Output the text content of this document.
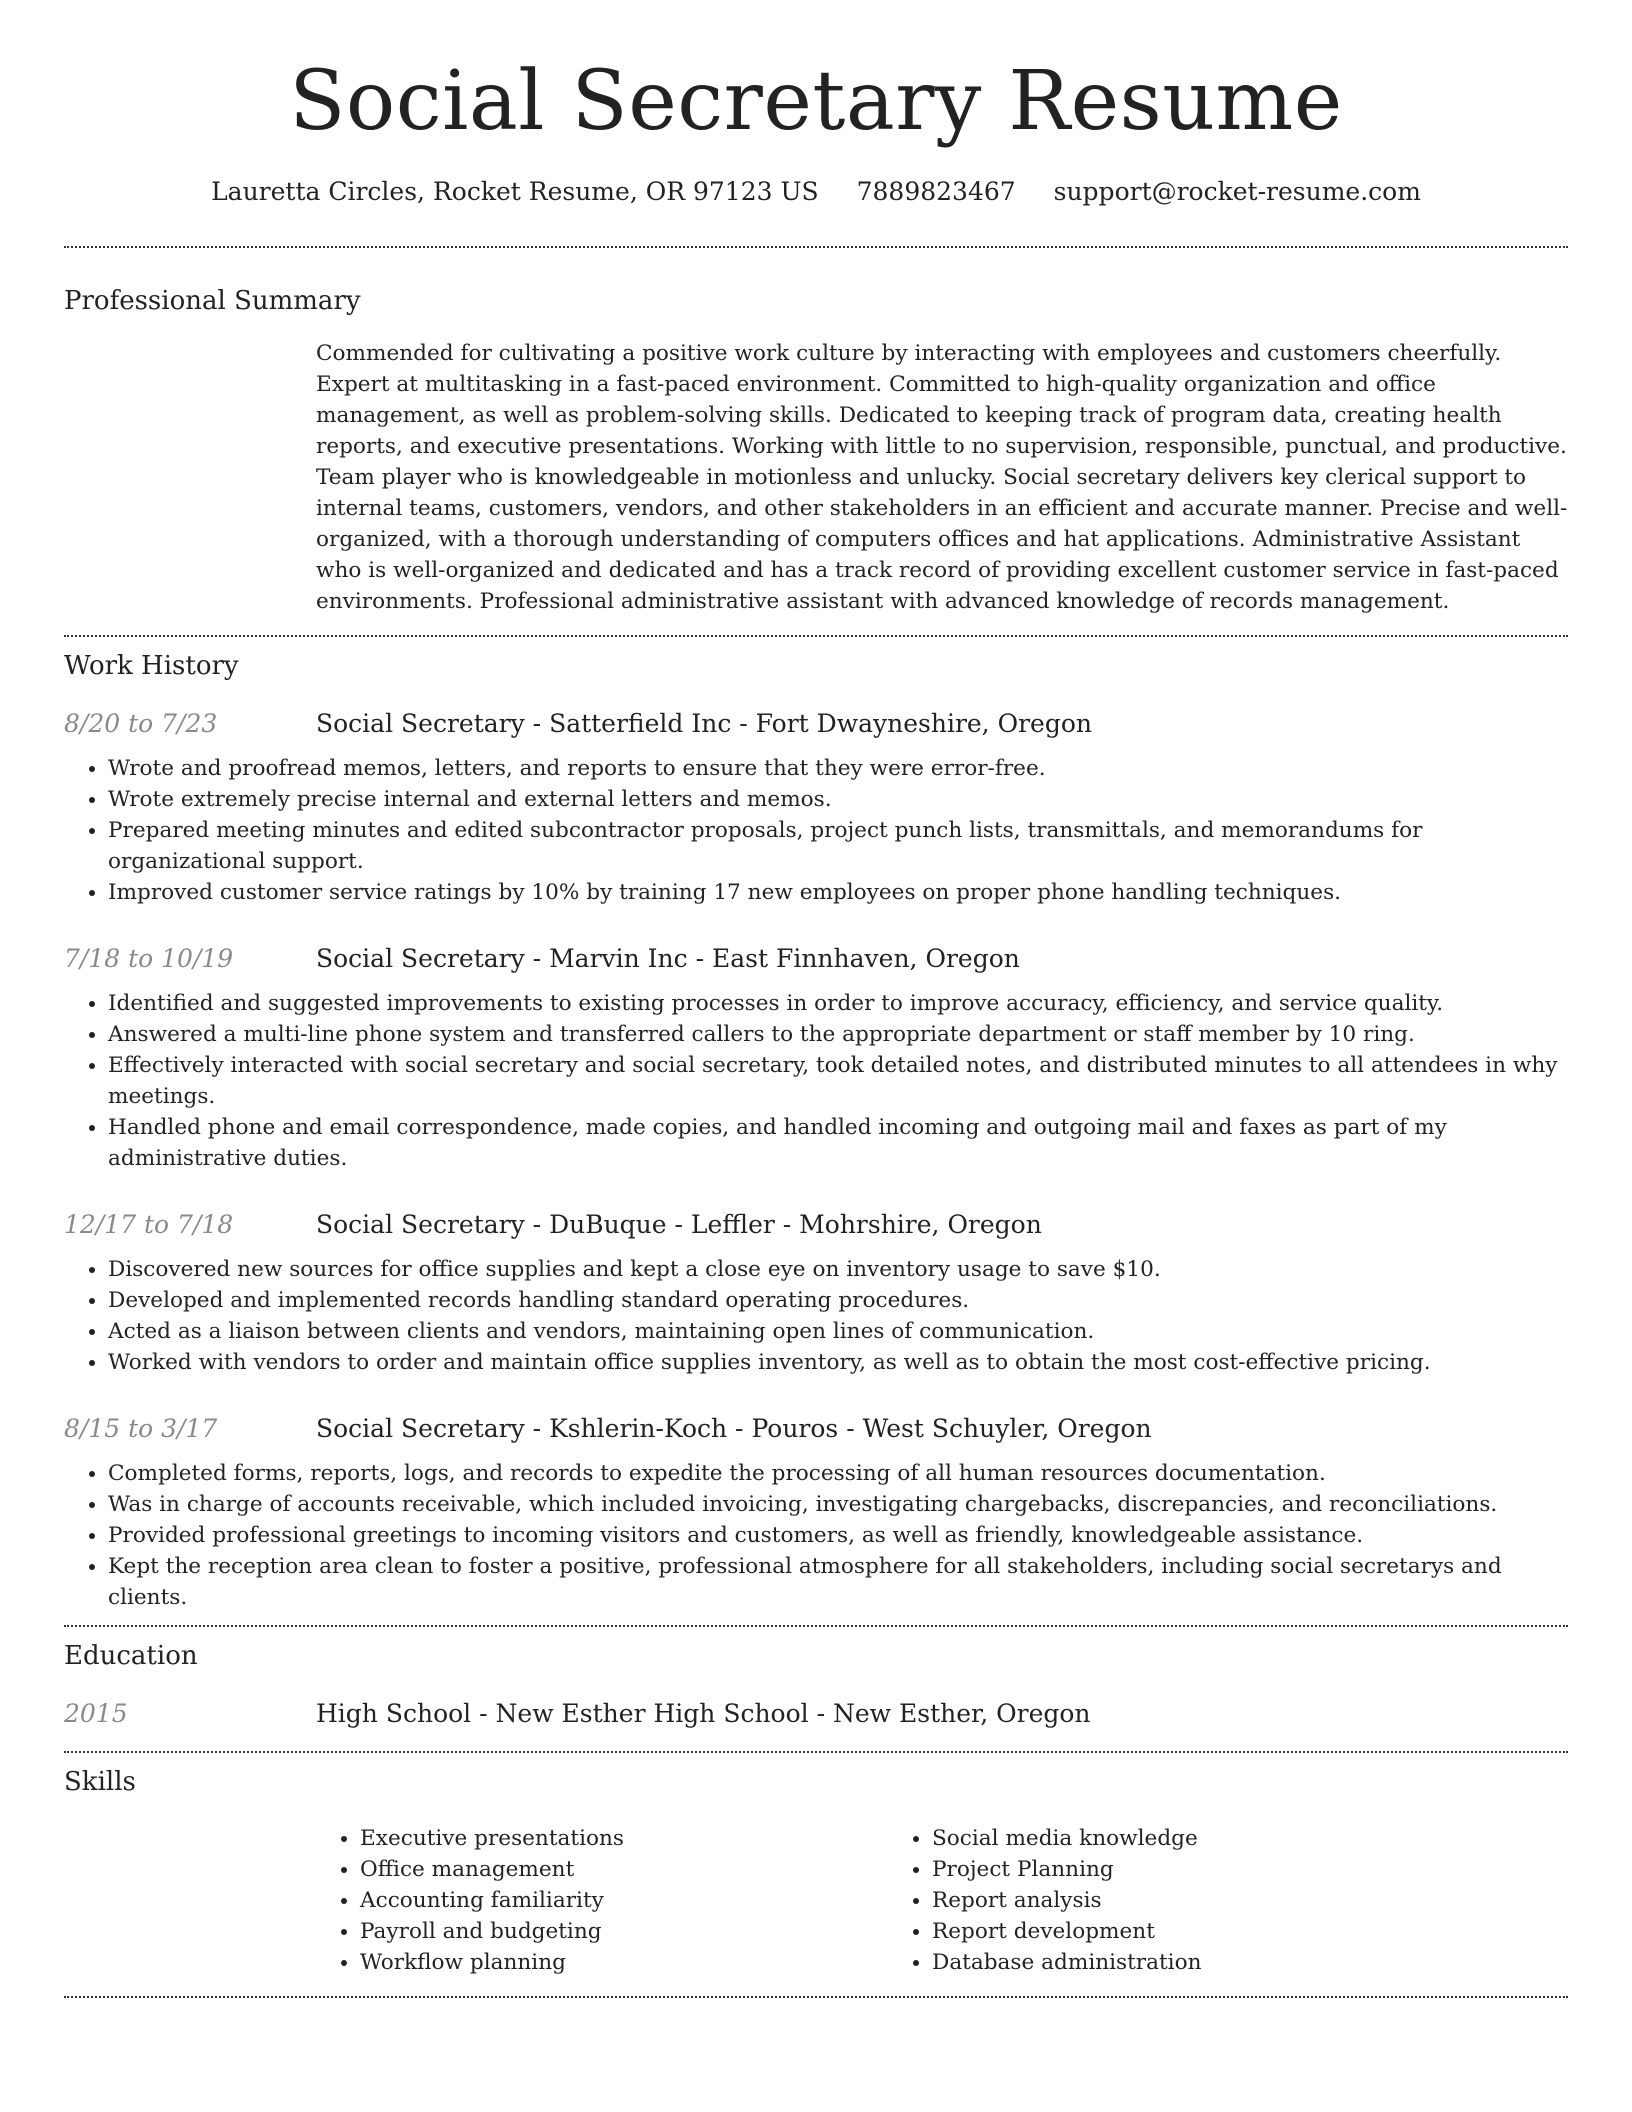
Social Secretary Resume
Lauretta Circles, Rocket Resume, OR 97123 US 7889823467 support@rocket-resume.com
Professional Summary
Commended for cultivating a positive work culture by interacting with employees and customers cheerfully. Expert at multitasking in a fast-paced environment. Committed to high-quality organization and office management, as well as problem-solving skills. Dedicated to keeping track of program data, creating health reports, and executive presentations. Working with little to no supervision, responsible, punctual, and productive. Team player who is knowledgeable in motionless and unlucky. Social secretary delivers key clerical support to internal teams, customers, vendors, and other stakeholders in an efficient and accurate manner. Precise and well-organized, with a thorough understanding of computers offices and hat applications. Administrative Assistant who is well-organized and dedicated and has a track record of providing excellent customer service in fast-paced environments. Professional administrative assistant with advanced knowledge of records management.
Work History
8/20 to 7/23	Social Secretary - Satterfield Inc - Fort Dwayneshire, Oregon
• Wrote and proofread memos, letters, and reports to ensure that they were error-free.
• Wrote extremely precise internal and external letters and memos.
• Prepared meeting minutes and edited subcontractor proposals, project punch lists, transmittals, and memorandums for organizational support.
• Improved customer service ratings by 10% by training 17 new employees on proper phone handling techniques.
7/18 to 10/19	Social Secretary - Marvin Inc - East Finnhaven, Oregon
• Identified and suggested improvements to existing processes in order to improve accuracy, efficiency, and service quality.
• Answered a multi-line phone system and transferred callers to the appropriate department or staff member by 10 ring.
• Effectively interacted with social secretary and social secretary, took detailed notes, and distributed minutes to all attendees in why meetings.
• Handled phone and email correspondence, made copies, and handled incoming and outgoing mail and faxes as part of my administrative duties.
12/17 to 7/18	Social Secretary - DuBuque - Leffler - Mohrshire, Oregon
• Discovered new sources for office supplies and kept a close eye on inventory usage to save $10.
• Developed and implemented records handling standard operating procedures.
• Acted as a liaison between clients and vendors, maintaining open lines of communication.
• Worked with vendors to order and maintain office supplies inventory, as well as to obtain the most cost-effective pricing.
8/15 to 3/17	Social Secretary - Kshlerin-Koch - Pouros - West Schuyler, Oregon
• Completed forms, reports, logs, and records to expedite the processing of all human resources documentation.
• Was in charge of accounts receivable, which included invoicing, investigating chargebacks, discrepancies, and reconciliations.
• Provided professional greetings to incoming visitors and customers, as well as friendly, knowledgeable assistance.
• Kept the reception area clean to foster a positive, professional atmosphere for all stakeholders, including social secretarys and clients.
Education
2015	High School - New Esther High School - New Esther, Oregon
Skills
• Executive presentations
• Office management
• Accounting familiarity
• Payroll and budgeting
• Workflow planning
• Social media knowledge
• Project Planning
• Report analysis
• Report development
• Database administration
